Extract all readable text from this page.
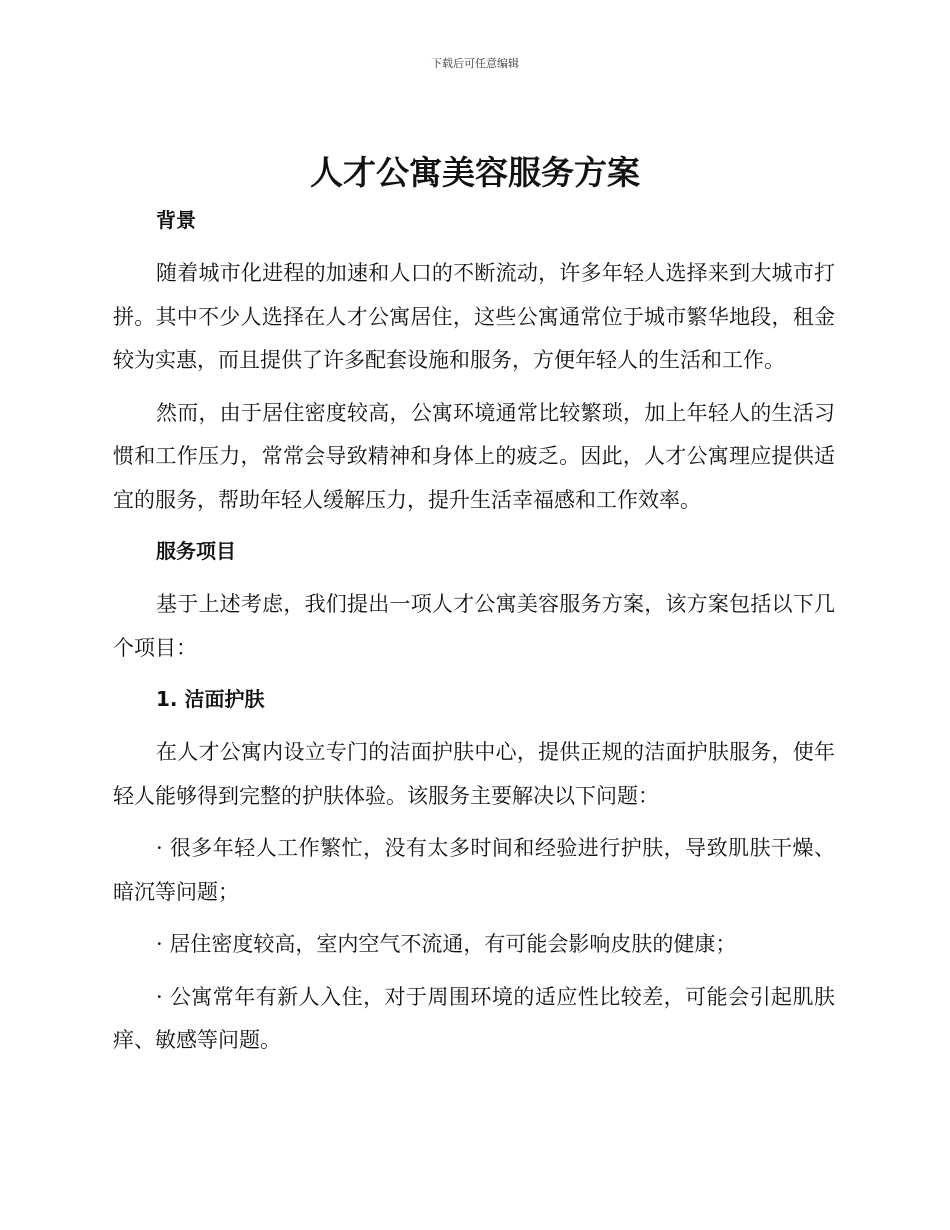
下载后可任意编辑
人才公寓美容服务方案
背景

随着城市化进程的加速和人口的不断流动，许多年轻人选择来到大城市打拼。其中不少人选择在人才公寓居住，这些公寓通常位于城市繁华地段，租金较为实惠，而且提供了许多配套设施和服务，方便年轻人的生活和工作。

然而，由于居住密度较高，公寓环境通常比较繁琐，加上年轻人的生活习惯和工作压力，常常会导致精神和身体上的疲乏。因此，人才公寓理应提供适宜的服务，帮助年轻人缓解压力，提升生活幸福感和工作效率。

服务项目

基于上述考虑，我们提出一项人才公寓美容服务方案，该方案包括以下几个项目：

1. 洁面护肤

在人才公寓内设立专门的洁面护肤中心，提供正规的洁面护肤服务，使年轻人能够得到完整的护肤体验。该服务主要解决以下问题：

· 很多年轻人工作繁忙，没有太多时间和经验进行护肤，导致肌肤干燥、暗沉等问题；

· 居住密度较高，室内空气不流通，有可能会影响皮肤的健康；

· 公寓常年有新人入住，对于周围环境的适应性比较差，可能会引起肌肤痒、敏感等问题。
